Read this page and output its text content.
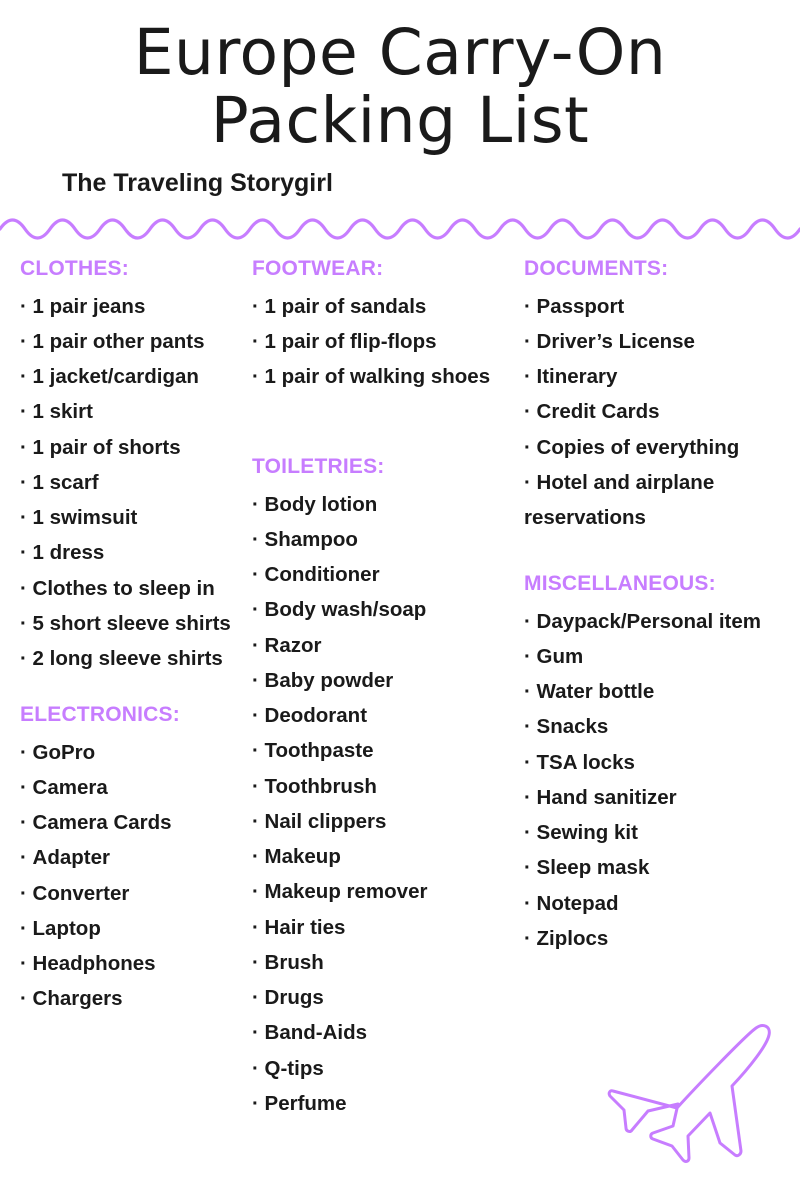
Europe Carry-On
Packing List
The Traveling Storygirl
CLOTHES:
· 1 pair jeans
· 1 pair other pants
· 1 jacket/cardigan
· 1 skirt
· 1 pair of shorts
· 1 scarf
· 1 swimsuit
· 1 dress
· Clothes to sleep in
· 5 short sleeve shirts
· 2 long sleeve shirts
ELECTRONICS:
· GoPro
· Camera
· Camera Cards
· Adapter
· Converter
· Laptop
· Headphones
· Chargers
FOOTWEAR:
· 1 pair of sandals
· 1 pair of flip-flops
· 1 pair of walking shoes
TOILETRIES:
· Body lotion
· Shampoo
· Conditioner
· Body wash/soap
· Razor
· Baby powder
· Deodorant
· Toothpaste
· Toothbrush
· Nail clippers
· Makeup
· Makeup remover
· Hair ties
· Brush
· Drugs
· Band-Aids
· Q-tips
· Perfume
DOCUMENTS:
· Passport
· Driver’s License
· Itinerary
· Credit Cards
· Copies of everything
· Hotel and airplane reservations
MISCELLANEOUS:
· Daypack/Personal item
· Gum
· Water bottle
· Snacks
· TSA locks
· Hand sanitizer
· Sewing kit
· Sleep mask
· Notepad
· Ziplocs
